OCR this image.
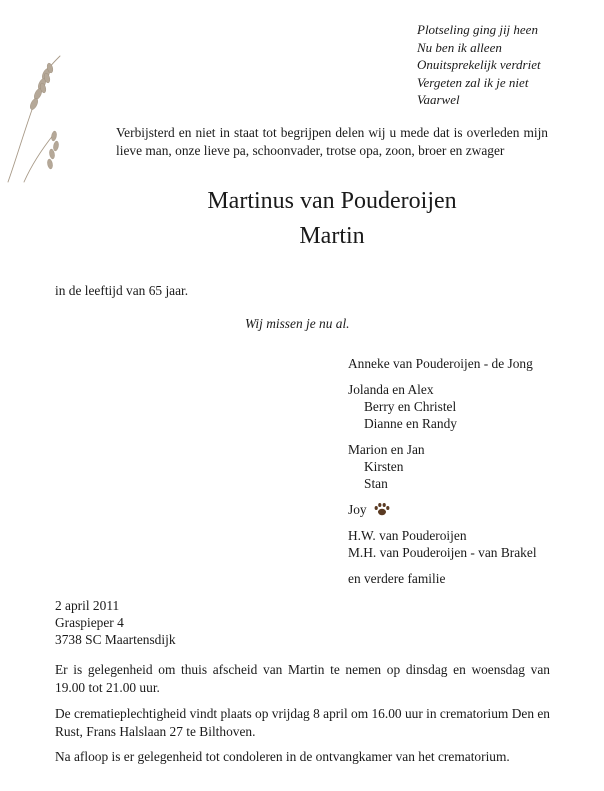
Plotseling ging jij heen
Nu ben ik alleen
Onuitsprekelijk verdriet
Vergeten zal ik je niet
Vaarwel
Verbijsterd en niet in staat tot begrijpen delen wij u mede dat is overleden mijn lieve man, onze lieve pa, schoonvader, trotse opa, zoon, broer en zwager
Martinus van Pouderoijen
Martin
in de leeftijd van 65 jaar.
Wij missen je nu al.
Anneke van Pouderoijen - de Jong
Jolanda en Alex
Berry en Christel
Dianne en Randy
Marion en Jan
Kirsten
Stan
Joy
H.W. van Pouderoijen
M.H. van Pouderoijen - van Brakel
en verdere familie
2 april 2011
Graspieper 4
3738 SC Maartensdijk
Er is gelegenheid om thuis afscheid van Martin te nemen op dinsdag en woensdag van 19.00 tot 21.00 uur.
De crematieplechtigheid vindt plaats op vrijdag 8 april om 16.00 uur in crematorium Den en Rust, Frans Halslaan 27 te Bilthoven.
Na afloop is er gelegenheid tot condoleren in de ontvangkamer van het crematorium.
